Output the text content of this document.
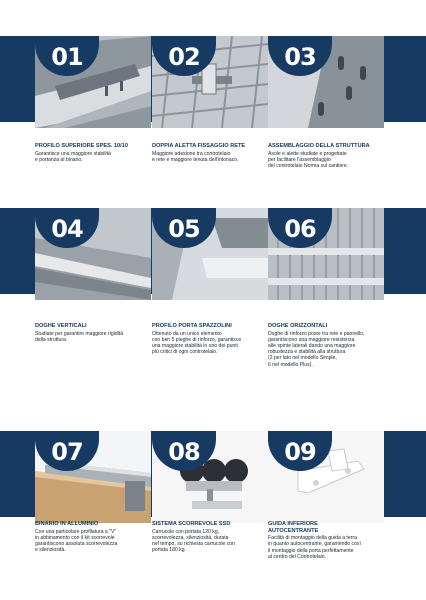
01	02	03
PROFILO SUPERIORE SPES. 10/10
Garantisce una maggiore stabilità
e portanza al binario.
DOPPIA ALETTA FISSAGGIO RETE
Maggiore adesione tra controtelaio
e rete e maggiore tenuta dell'intonaco.
ASSEMBLAGGIO DELLA STRUTTURA
Asole e alette studiate e progettate
per facilitare l'assemblaggio
del controtelaio Norma sul cantiere.
04	05	06
DOGHE VERTICALI
Studiate per garantire maggiore rigidità
della struttura.
PROFILO PORTA SPAZZOLINI
Ottenuto da un unico elemento
con ben 5 pieghe di rinforzo, garantisce
una maggiore stabilità in uno dei punti
più critici di ogni controtelaio.
DOGHE ORIZZONTALI
Doghe di rinforzo poste tra rete e pannello,
garantiscono una maggiore resistenza
alle spinte laterali dando una maggiore
robustezza e stabilità alla struttura
(2 per lato nel modello Simple,
6 nel modello Plus).
07	08	09
BINARIO IN ALLUMINIO
Con una particolare profilatura a "V"
in abbinamento con il kit scorrevole
garantiscono assoluta scorrevolezza
e silenziosità.
SISTEMA SCORREVOLE SSD
Carrucole con portata 120 kg,
scorrevolezza, silenziosità, durata
nel tempo, su richiesta carrucole con
portata 180 kg.
GUIDA INFERIORE AUTOCENTRANTE
Facilità di montaggio della guida a terra
in quanto autocentrante, garantendo così
il montaggio della porta perfettamente
al centro del Controtelaio.
